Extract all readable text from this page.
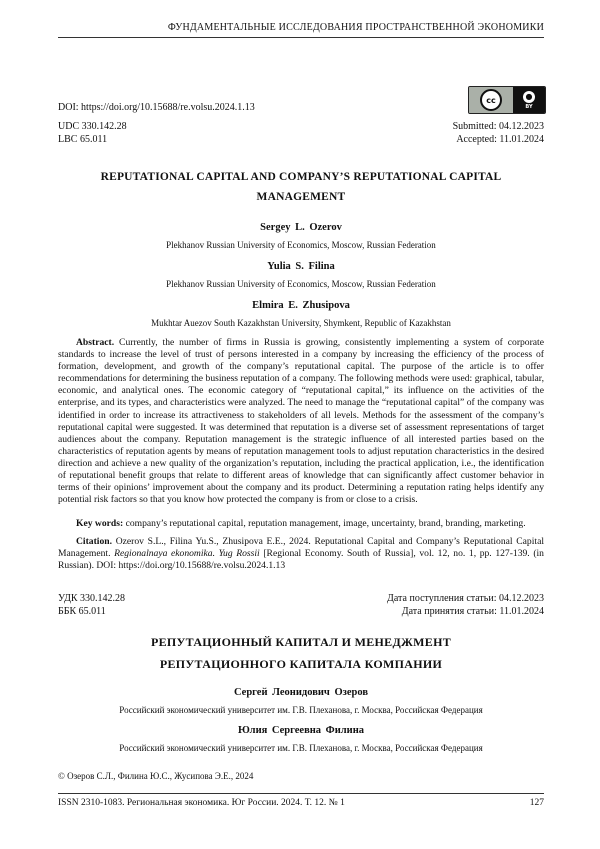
ФУНДАМЕНТАЛЬНЫЕ ИССЛЕДОВАНИЯ ПРОСТРАНСТВЕННОЙ ЭКОНОМИКИ
DOI: https://doi.org/10.15688/re.volsu.2024.1.13
cc	●
BY
UDC 330.142.28
LBC 65.011
Submitted: 04.12.2023
Accepted: 11.01.2024
REPUTATIONAL CAPITAL AND COMPANY’S REPUTATIONAL CAPITAL
MANAGEMENT
Sergey L. Ozerov
Plekhanov Russian University of Economics, Moscow, Russian Federation
Yulia S. Filina
Plekhanov Russian University of Economics, Moscow, Russian Federation
Elmira E. Zhusipova
Mukhtar Auezov South Kazakhstan University, Shymkent, Republic of Kazakhstan

Abstract. Currently, the number of firms in Russia is growing, consistently implementing a system of corporate standards to increase the level of trust of persons interested in a company by increasing the efficiency of the process of formation, development, and growth of the company’s reputational capital. The purpose of the article is to offer recommendations for determining the business reputation of a company. The following methods were used: graphical, tabular, economic, and analytical ones. The economic category of “reputational capital,” its influence on the activities of the enterprise, and its types, and characteristics were analyzed. The need to manage the “reputational capital” of the company was identified in order to increase its attractiveness to stakeholders of all levels. Methods for the assessment of the company’s reputational capital were suggested. It was determined that reputation is a diverse set of assessment representations of target audiences about the company. Reputation management is the strategic influence of all interested parties based on the characteristics of reputation agents by means of reputation management tools to adjust reputation characteristics in the desired direction and achieve a new quality of the organization’s reputation, including the practical application, i.e., the identification of reputational benefit groups that relate to different areas of knowledge that can significantly affect customer behavior in terms of their opinions’ improvement about the company and its product. Determining a reputation rating helps identify any potential risk factors so that you know how protected the company is from or close to a crisis.

Key words: company’s reputational capital, reputation management, image, uncertainty, brand, branding, marketing.
Citation. Ozerov S.L., Filina Yu.S., Zhusipova E.E., 2024. Reputational Capital and Company’s Reputational Capital Management. Regionalnaya ekonomika. Yug Rossii [Regional Economy. South of Russia], vol. 12, no. 1, pp. 127-139. (in Russian). DOI: https://doi.org/10.15688/re.volsu.2024.1.13
УДК 330.142.28
ББК 65.011
Дата поступления статьи: 04.12.2023
Дата принятия статьи: 11.01.2024
РЕПУТАЦИОННЫЙ КАПИТАЛ И МЕНЕДЖМЕНТ
РЕПУТАЦИОННОГО КАПИТАЛА КОМПАНИИ
Сергей Леонидович Озеров
Российский экономический университет им. Г.В. Плеханова, г. Москва, Российская Федерация
Юлия Сергеевна Филина
Российский экономический университет им. Г.В. Плеханова, г. Москва, Российская Федерация
© Озеров С.Л., Филина Ю.С., Жусипова Э.Е., 2024
ISSN 2310-1083. Региональная экономика. Юг России. 2024. Т. 12. № 1	127
